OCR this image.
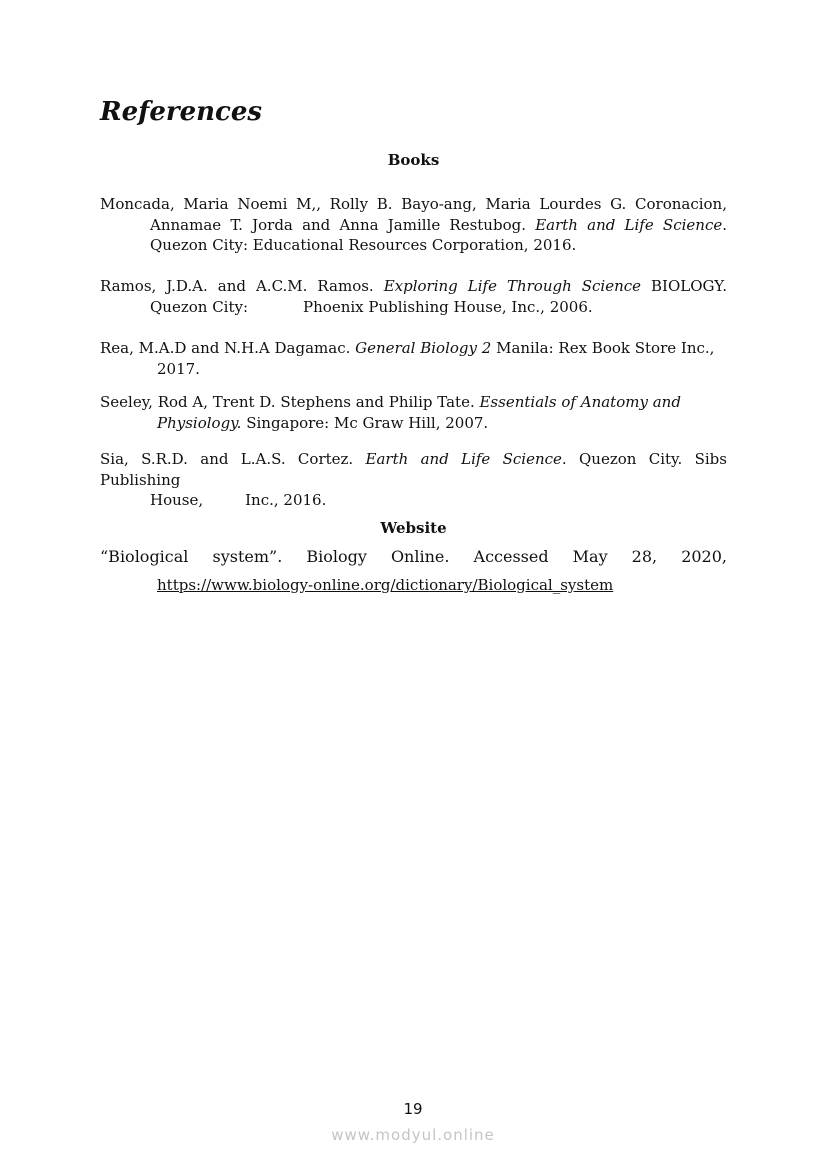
References
Books

Moncada, Maria Noemi M,, Rolly B. Bayo-ang, Maria Lourdes G. Coronacion,
Annamae T. Jorda and Anna Jamille Restubog. Earth and Life Science.
Quezon City: Educational Resources Corporation, 2016.

Ramos, J.D.A. and A.C.M. Ramos. Exploring Life Through Science BIOLOGY.
Quezon City:	Phoenix Publishing House, Inc., 2006.

Rea, M.A.D and N.H.A Dagamac. General Biology 2 Manila: Rex Book Store Inc.,
2017.

Seeley, Rod A, Trent D. Stephens and Philip Tate. Essentials of Anatomy and
Physiology. Singapore: Mc Graw Hill, 2007.

Sia, S.R.D. and L.A.S. Cortez. Earth and Life Science. Quezon City. Sibs Publishing
House,	Inc., 2016.

Website

“Biological system”. Biology Online. Accessed May 28, 2020,
https://www.biology-online.org/dictionary/Biological_system

19

www.modyul.online
